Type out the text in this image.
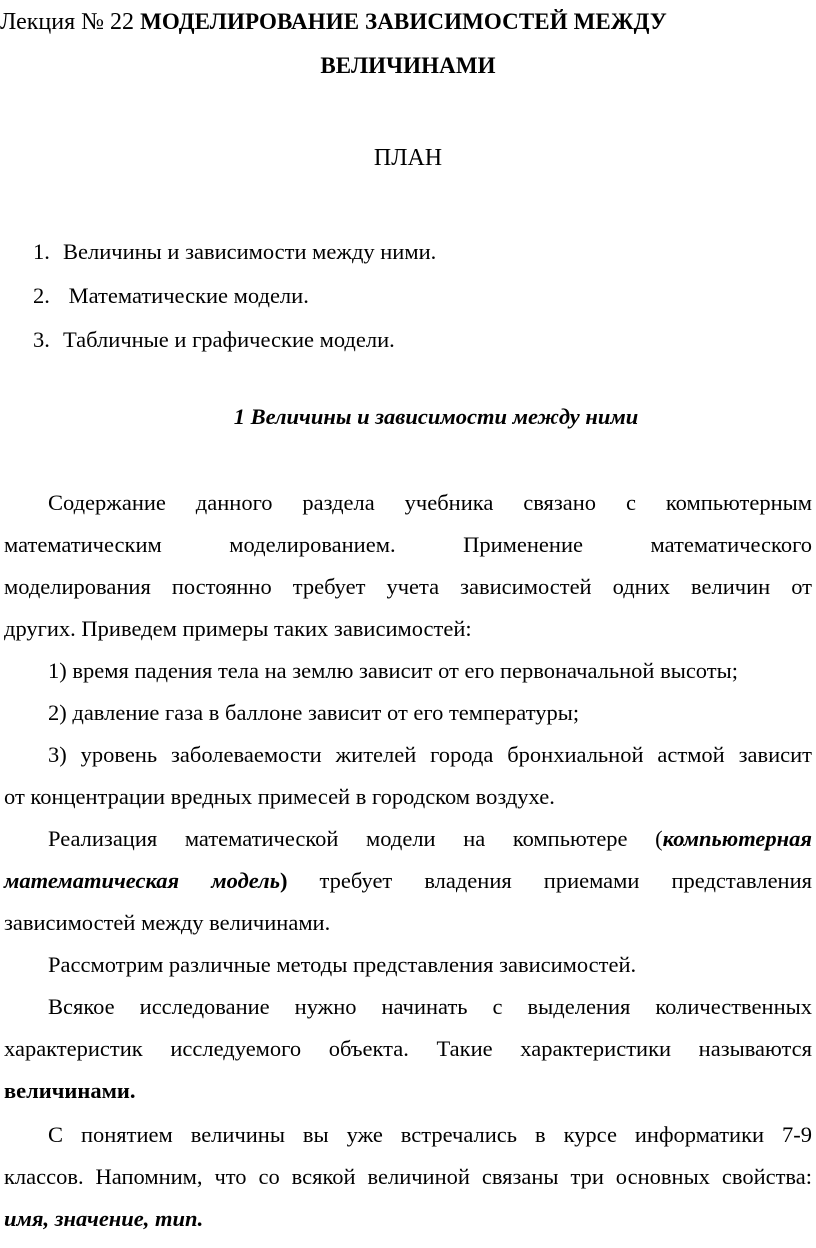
Лекция № 22 МОДЕЛИРОВАНИЕ ЗАВИСИМОСТЕЙ МЕЖДУ
ВЕЛИЧИНАМИ
ПЛАН
1. Величины и зависимости между ними.
2. Математические модели.
3. Табличные и графические модели.
1 Величины и зависимости между ними
Содержание данного раздела учебника связано с компьютерным
математическим моделированием. Применение математического
моделирования постоянно требует учета зависимостей одних величин от
других. Приведем примеры таких зависимостей:
1) время падения тела на землю зависит от его первоначальной высоты;
2) давление газа в баллоне зависит от его температуры;
3) уровень заболеваемости жителей города бронхиальной астмой зависит
от концентрации вредных примесей в городском воздухе.
Реализация математической модели на компьютере (компьютерная
математическая модель) требует владения приемами представления
зависимостей между величинами.
Рассмотрим различные методы представления зависимостей.
Всякое исследование нужно начинать с выделения количественных
характеристик исследуемого объекта. Такие характеристики называются
величинами.
С понятием величины вы уже встречались в курсе информатики 7-9
классов. Напомним, что со всякой величиной связаны три основных свойства:
имя, значение, тип.
